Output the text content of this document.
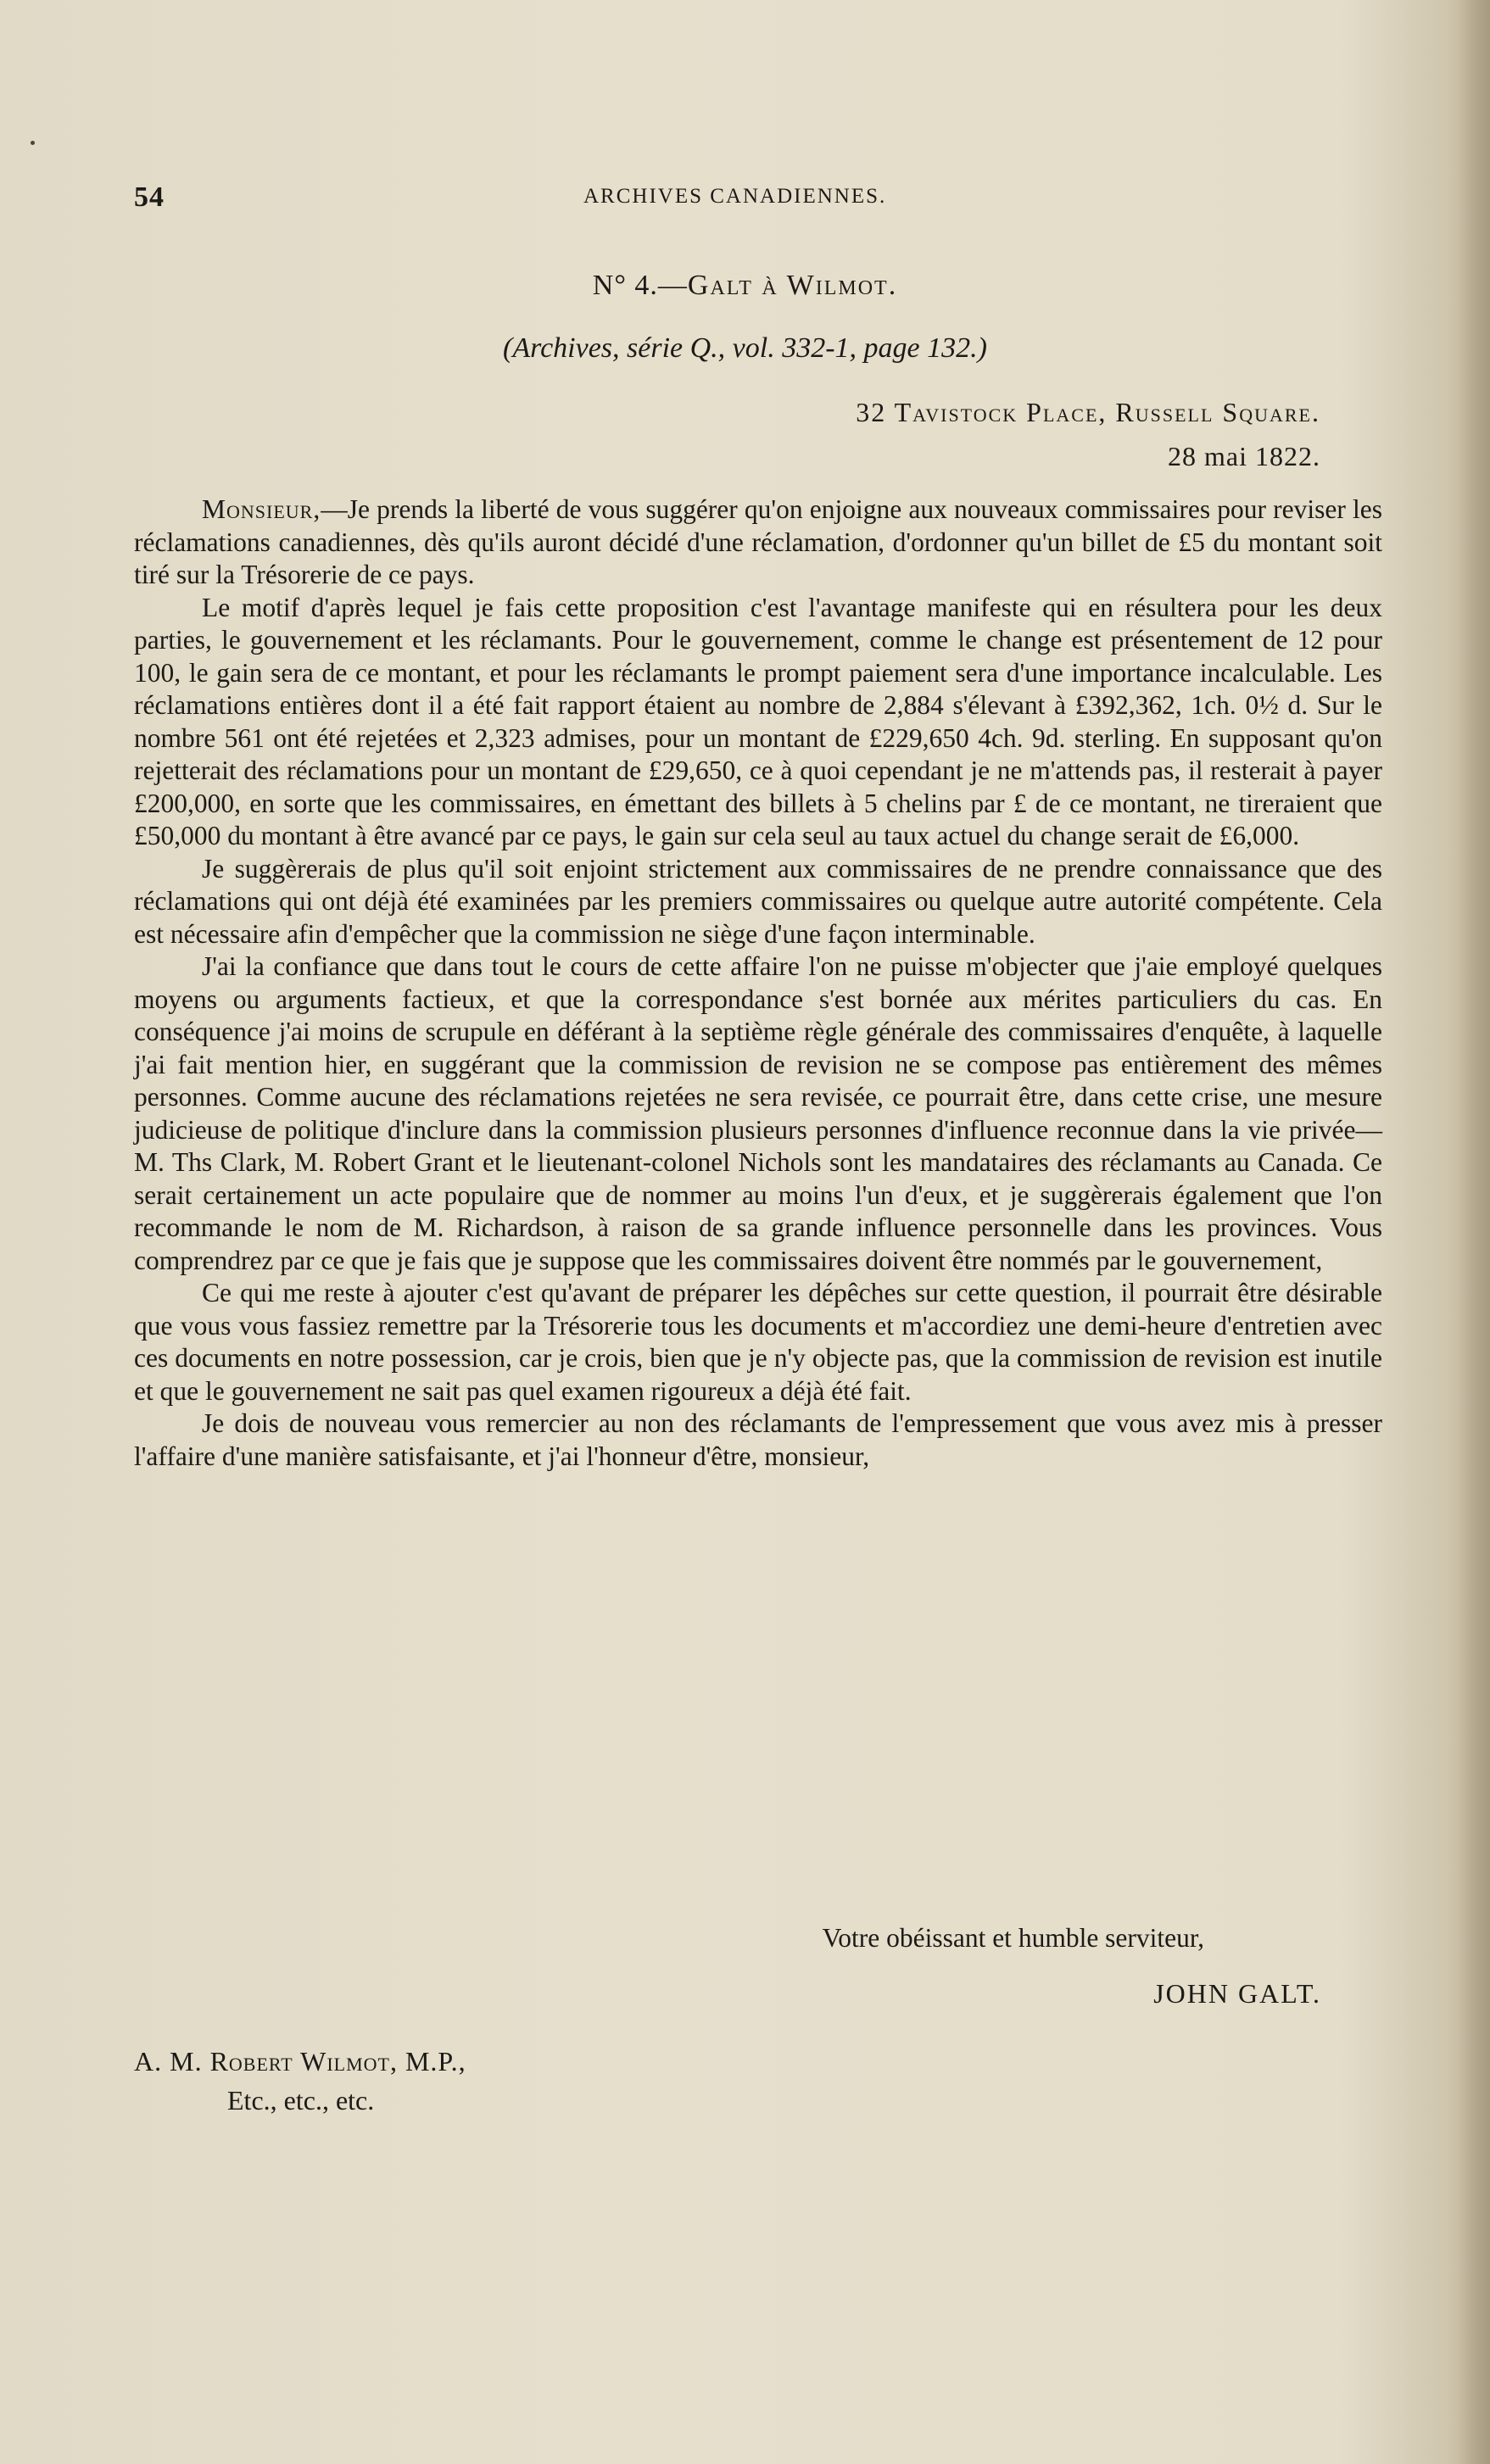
54	ARCHIVES CANADIENNES.
N° 4.—Galt à Wilmot.
(Archives, série Q., vol. 332-1, page 132.)
32 Tavistock Place, Russell Square.
28 mai 1822.

Monsieur,—Je prends la liberté de vous suggérer qu'on enjoigne aux nouveaux commissaires pour reviser les réclamations canadiennes, dès qu'ils auront décidé d'une réclamation, d'ordonner qu'un billet de £5 du montant soit tiré sur la Trésorerie de ce pays.

Le motif d'après lequel je fais cette proposition c'est l'avantage manifeste qui en résultera pour les deux parties, le gouvernement et les réclamants. Pour le gouvernement, comme le change est présentement de 12 pour 100, le gain sera de ce montant, et pour les réclamants le prompt paiement sera d'une importance incalculable. Les réclamations entières dont il a été fait rapport étaient au nombre de 2,884 s'élevant à £392,362, 1ch. 0½ d. Sur le nombre 561 ont été rejetées et 2,323 admises, pour un montant de £229,650 4ch. 9d. sterling. En supposant qu'on rejetterait des réclamations pour un montant de £29,650, ce à quoi cependant je ne m'attends pas, il resterait à payer £200,000, en sorte que les commissaires, en émettant des billets à 5 chelins par £ de ce montant, ne tireraient que £50,000 du montant à être avancé par ce pays, le gain sur cela seul au taux actuel du change serait de £6,000.

Je suggèrerais de plus qu'il soit enjoint strictement aux commissaires de ne prendre connaissance que des réclamations qui ont déjà été examinées par les premiers commissaires ou quelque autre autorité compétente. Cela est nécessaire afin d'empêcher que la commission ne siège d'une façon interminable.

J'ai la confiance que dans tout le cours de cette affaire l'on ne puisse m'objecter que j'aie employé quelques moyens ou arguments factieux, et que la correspondance s'est bornée aux mérites particuliers du cas. En conséquence j'ai moins de scrupule en déférant à la septième règle générale des commissaires d'enquête, à laquelle j'ai fait mention hier, en suggérant que la commission de revision ne se compose pas entièrement des mêmes personnes. Comme aucune des réclamations rejetées ne sera revisée, ce pourrait être, dans cette crise, une mesure judicieuse de politique d'inclure dans la commission plusieurs personnes d'influence reconnue dans la vie privée—M. Ths Clark, M. Robert Grant et le lieutenant-colonel Nichols sont les mandataires des réclamants au Canada. Ce serait certainement un acte populaire que de nommer au moins l'un d'eux, et je suggèrerais également que l'on recommande le nom de M. Richardson, à raison de sa grande influence personnelle dans les provinces. Vous comprendrez par ce que je fais que je suppose que les commissaires doivent être nommés par le gouvernement,

Ce qui me reste à ajouter c'est qu'avant de préparer les dépêches sur cette question, il pourrait être désirable que vous vous fassiez remettre par la Trésorerie tous les documents et m'accordiez une demi-heure d'entretien avec ces documents en notre possession, car je crois, bien que je n'y objecte pas, que la commission de revision est inutile et que le gouvernement ne sait pas quel examen rigoureux a déjà été fait.

Je dois de nouveau vous remercier au non des réclamants de l'empressement que vous avez mis à presser l'affaire d'une manière satisfaisante, et j'ai l'honneur d'être, monsieur,

Votre obéissant et humble serviteur,
JOHN GALT.
A. M. Robert Wilmot, M.P.,
Etc., etc., etc.
